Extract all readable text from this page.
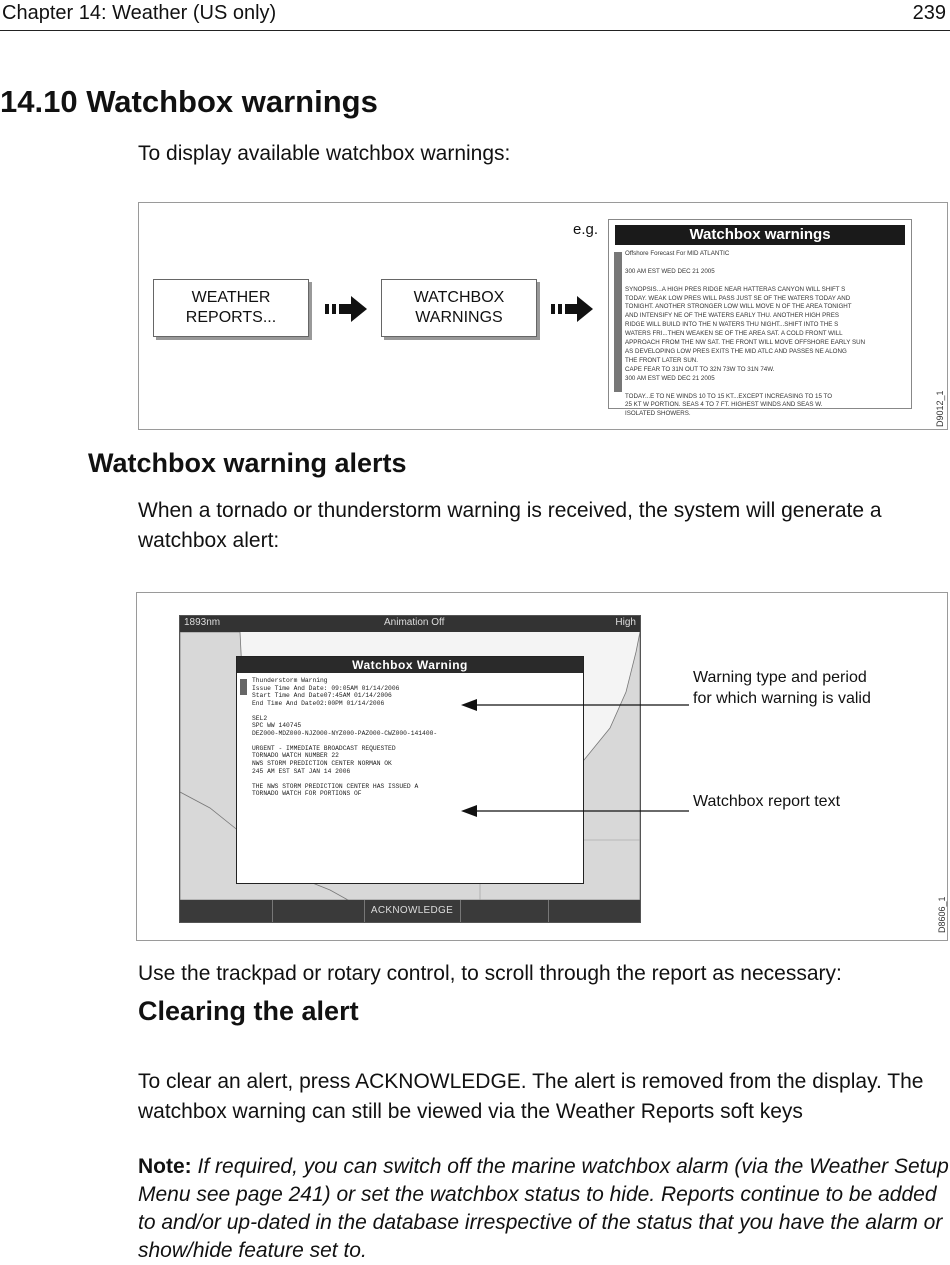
Chapter 14: Weather (US only)	239
14.10 Watchbox warnings
To display available watchbox warnings:
WEATHER REPORTS...
WATCHBOX WARNINGS
e.g.	Watchbox warnings
Offshore Forecast For MID ATLANTIC

300 AM EST WED DEC 21 2005

SYNOPSIS...A HIGH PRES RIDGE NEAR HATTERAS CANYON WILL SHIFT S
TODAY. WEAK LOW PRES WILL PASS JUST SE OF THE WATERS TODAY AND
TONIGHT. ANOTHER STRONGER LOW WILL MOVE N OF THE AREA TONIGHT
AND INTENSIFY NE OF THE WATERS EARLY THU. ANOTHER HIGH PRES
RIDGE WILL BUILD INTO THE N WATERS THU NIGHT...SHIFT INTO THE S
WATERS FRI...THEN WEAKEN SE OF THE AREA SAT. A COLD FRONT WILL
APPROACH FROM THE NW SAT. THE FRONT WILL MOVE OFFSHORE EARLY SUN
AS DEVELOPING LOW PRES EXITS THE MID ATLC AND PASSES NE ALONG
THE FRONT LATER SUN.
CAPE FEAR TO 31N OUT TO 32N 73W TO 31N 74W.
300 AM EST WED DEC 21 2005

TODAY...E TO NE WINDS 10 TO 15 KT...EXCEPT INCREASING TO 15 TO
25 KT W PORTION. SEAS 4 TO 7 FT. HIGHEST WINDS AND SEAS W.
ISOLATED SHOWERS.	D9012_1
Watchbox warning alerts
When a tornado or thunderstorm warning is received, the system will generate a watchbox alert:
1893nm	Animation Off	High
Watchbox Warning
Thunderstorm Warning
Issue Time And Date: 09:05AM 01/14/2006
Start Time And Date07:45AM 01/14/2006
End Time And Date02:00PM 01/14/2006

SEL2
SPC WW 140745
DEZ000-MDZ000-NJZ000-NYZ000-PAZ000-CWZ000-141400-

URGENT - IMMEDIATE BROADCAST REQUESTED
TORNADO WATCH NUMBER 22
NWS STORM PREDICTION CENTER NORMAN OK
245 AM EST SAT JAN 14 2006

THE NWS STORM PREDICTION CENTER HAS ISSUED A
TORNADO WATCH FOR PORTIONS OF
ACKNOWLEDGE
Warning type and period for which warning is valid
Watchbox report text
D8606_1
Use the trackpad or rotary control, to scroll through the report as necessary:
Clearing the alert
To clear an alert, press ACKNOWLEDGE. The alert is removed from the display. The watchbox warning can still be viewed via the Weather Reports soft keys
Note: If required, you can switch off the marine watchbox alarm (via the Weather Setup Menu see page 241) or set the watchbox status to hide. Reports continue to be added to and/or up-dated in the database irrespective of the status that you have the alarm or show/hide feature set to.
